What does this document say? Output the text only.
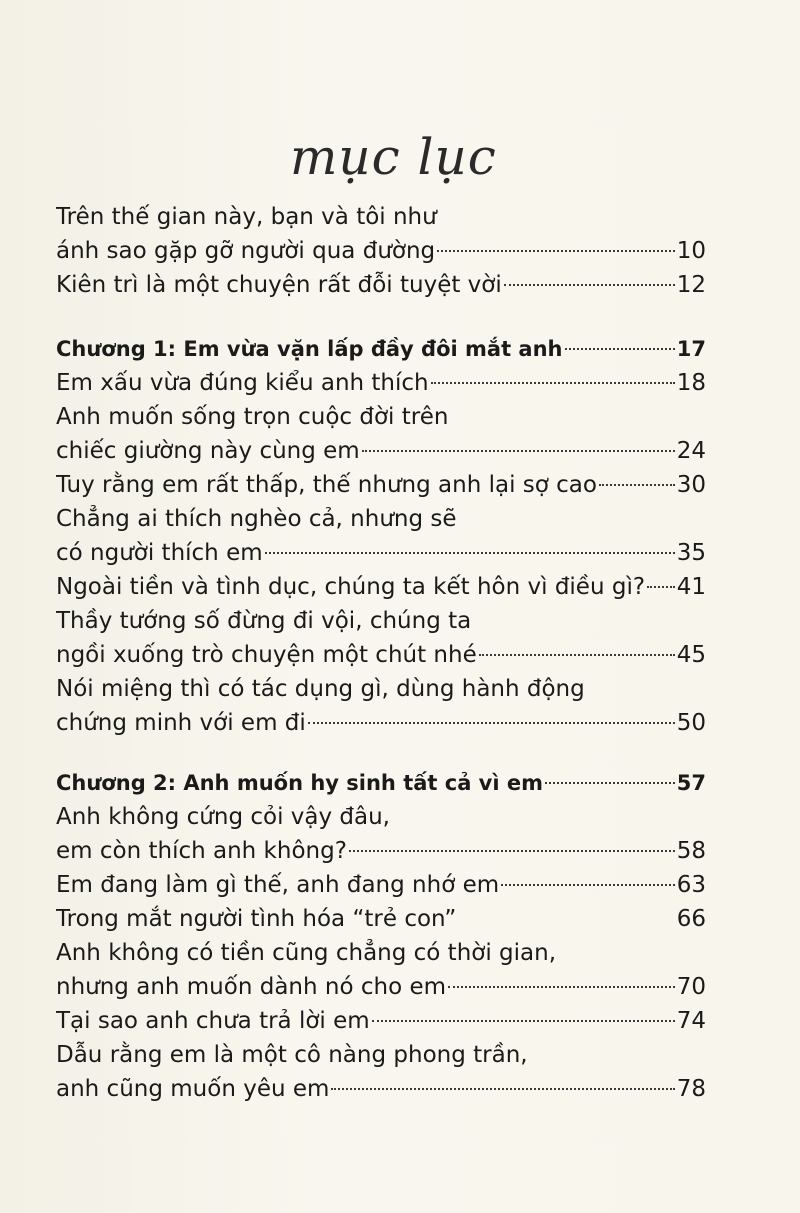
mục lục
Trên thế gian này, bạn và tôi như
ánh sao gặp gỡ người qua đường	10
Kiên trì là một chuyện rất đỗi tuyệt vời	12
Chương 1: Em vừa vặn lấp đầy đôi mắt anh	17
Em xấu vừa đúng kiểu anh thích	18
Anh muốn sống trọn cuộc đời trên
chiếc giường này cùng em	24
Tuy rằng em rất thấp, thế nhưng anh lại sợ cao	30
Chẳng ai thích nghèo cả, nhưng sẽ
có người thích em	35
Ngoài tiền và tình dục, chúng ta kết hôn vì điều gì? 41
Thầy tướng số đừng đi vội, chúng ta
ngồi xuống trò chuyện một chút nhé	45
Nói miệng thì có tác dụng gì, dùng hành động
chứng minh với em đi	50
Chương 2: Anh muốn hy sinh tất cả vì em	57
Anh không cứng cỏi vậy đâu,
em còn thích anh không?	58
Em đang làm gì thế, anh đang nhớ em	63
Trong mắt người tình hóa “trẻ con”	66
Anh không có tiền cũng chẳng có thời gian,
nhưng anh muốn dành nó cho em	70
Tại sao anh chưa trả lời em	74
Dẫu rằng em là một cô nàng phong trần,
anh cũng muốn yêu em	78
